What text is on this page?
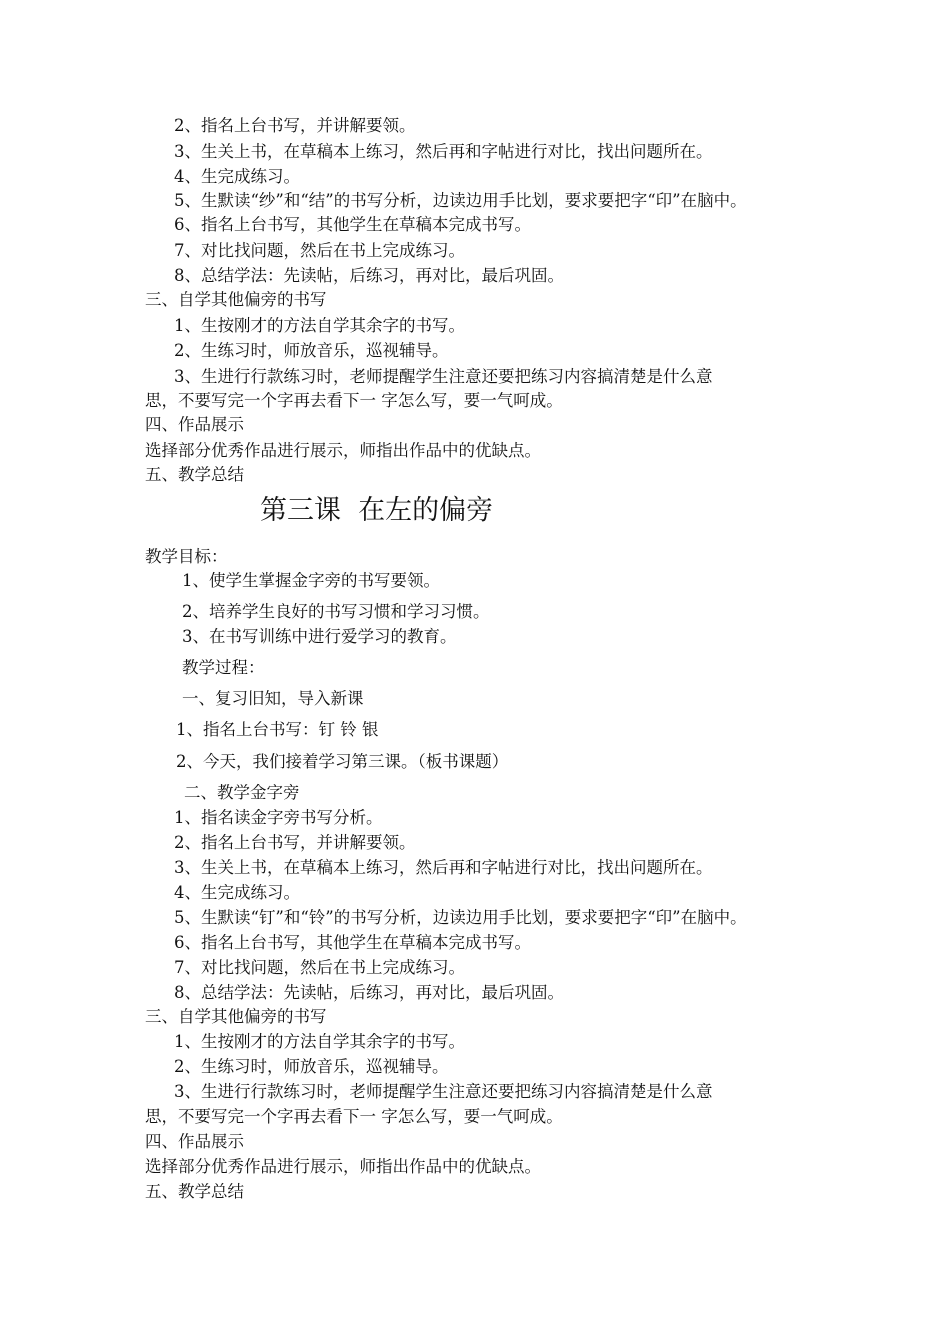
2、指名上台书写，并讲解要领。
3、生关上书，在草稿本上练习，然后再和字帖进行对比，找出问题所在。
4、生完成练习。
5、生默读“纱”和“结”的书写分析，边读边用手比划，要求要把字“印”在脑中。
6、指名上台书写，其他学生在草稿本完成书写。
7、对比找问题，然后在书上完成练习。
8、总结学法：先读帖，后练习，再对比，最后巩固。
三、自学其他偏旁的书写
1、生按刚才的方法自学其余字的书写。
2、生练习时，师放音乐，巡视辅导。
3、生进行行款练习时，老师提醒学生注意还要把练习内容搞清楚是什么意
思，不要写完一个字再去看下一 字怎么写，要一气呵成。
四、作品展示
选择部分优秀作品进行展示，师指出作品中的优缺点。
五、教学总结
第三课  在左的偏旁
教学目标：
1、使学生掌握金字旁的书写要领。
2、培养学生良好的书写习惯和学习习惯。
3、在书写训练中进行爱学习的教育。
教学过程：
一、复习旧知，导入新课
1、指名上台书写：钉 铃 银
2、今天，我们接着学习第三课。（板书课题）
二、教学金字旁
1、指名读金字旁书写分析。
2、指名上台书写，并讲解要领。
3、生关上书，在草稿本上练习，然后再和字帖进行对比，找出问题所在。
4、生完成练习。
5、生默读“钉”和“铃”的书写分析，边读边用手比划，要求要把字“印”在脑中。
6、指名上台书写，其他学生在草稿本完成书写。
7、对比找问题，然后在书上完成练习。
8、总结学法：先读帖，后练习，再对比，最后巩固。
三、自学其他偏旁的书写
1、生按刚才的方法自学其余字的书写。
2、生练习时，师放音乐，巡视辅导。
3、生进行行款练习时，老师提醒学生注意还要把练习内容搞清楚是什么意
思，不要写完一个字再去看下一 字怎么写，要一气呵成。
四、作品展示
选择部分优秀作品进行展示，师指出作品中的优缺点。
五、教学总结
